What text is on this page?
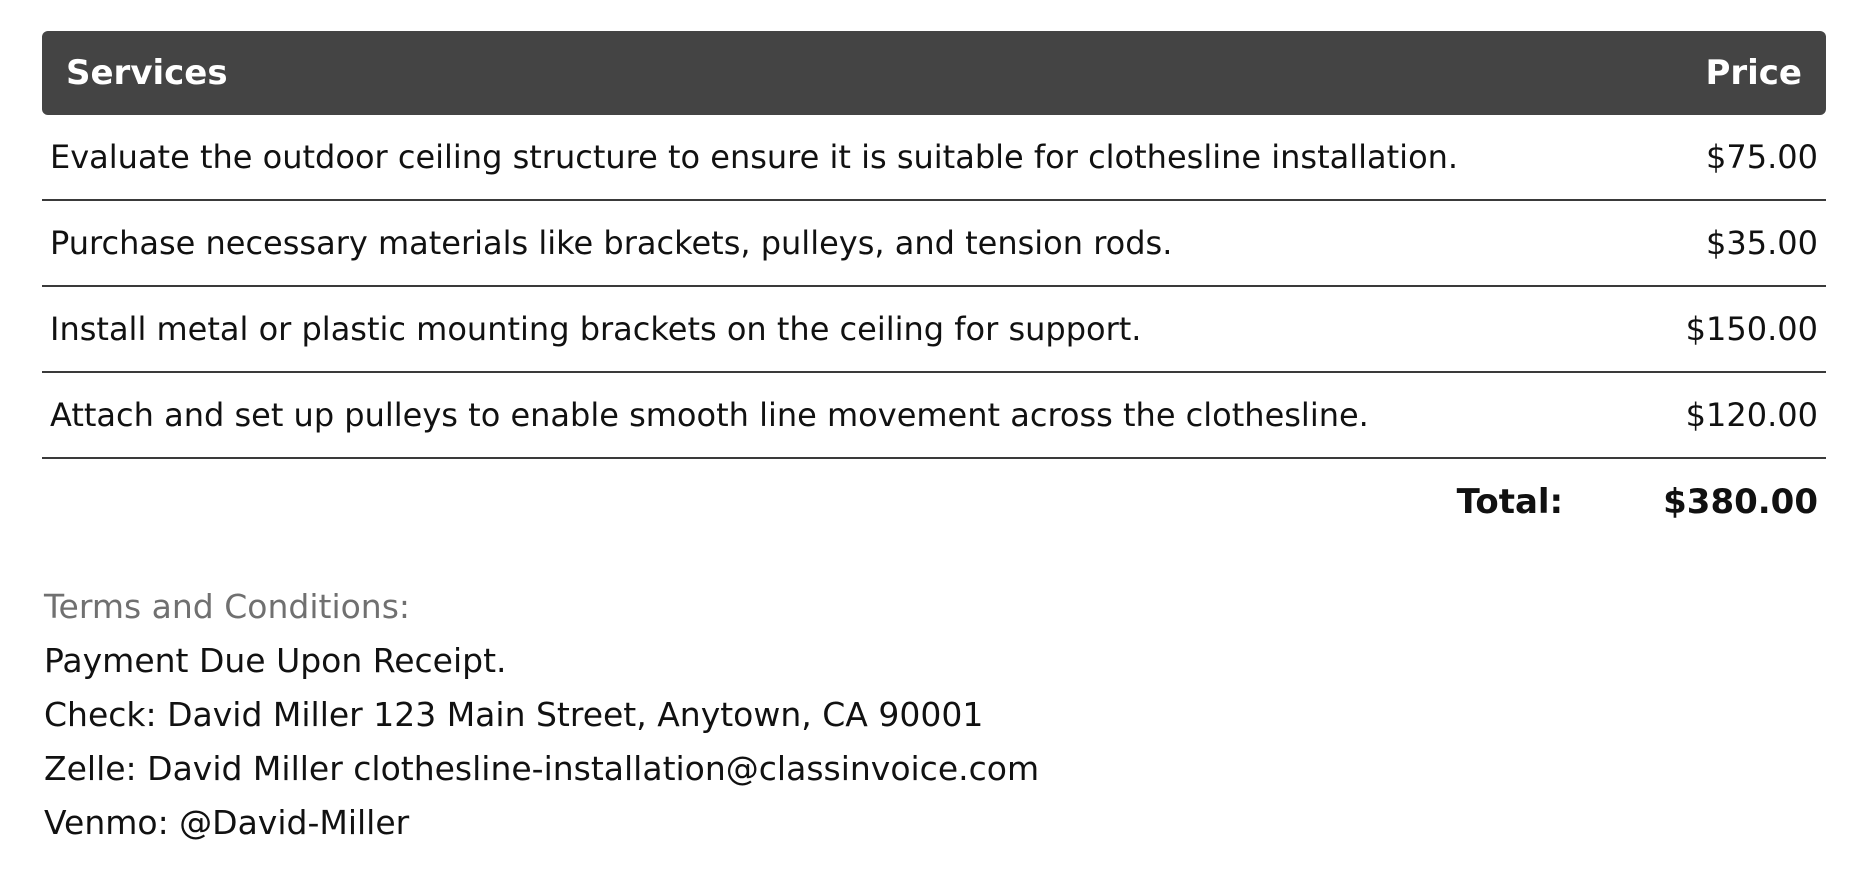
Services	Price
Evaluate the outdoor ceiling structure to ensure it is suitable for clothesline installation.	$75.00
Purchase necessary materials like brackets, pulleys, and tension rods.	$35.00
Install metal or plastic mounting brackets on the ceiling for support.	$150.00
Attach and set up pulleys to enable smooth line movement across the clothesline.	$120.00
Total:	$380.00
Terms and Conditions:
Payment Due Upon Receipt.
Check: David Miller 123 Main Street, Anytown, CA 90001
Zelle: David Miller clothesline-installation@classinvoice.com
Venmo: @David-Miller
